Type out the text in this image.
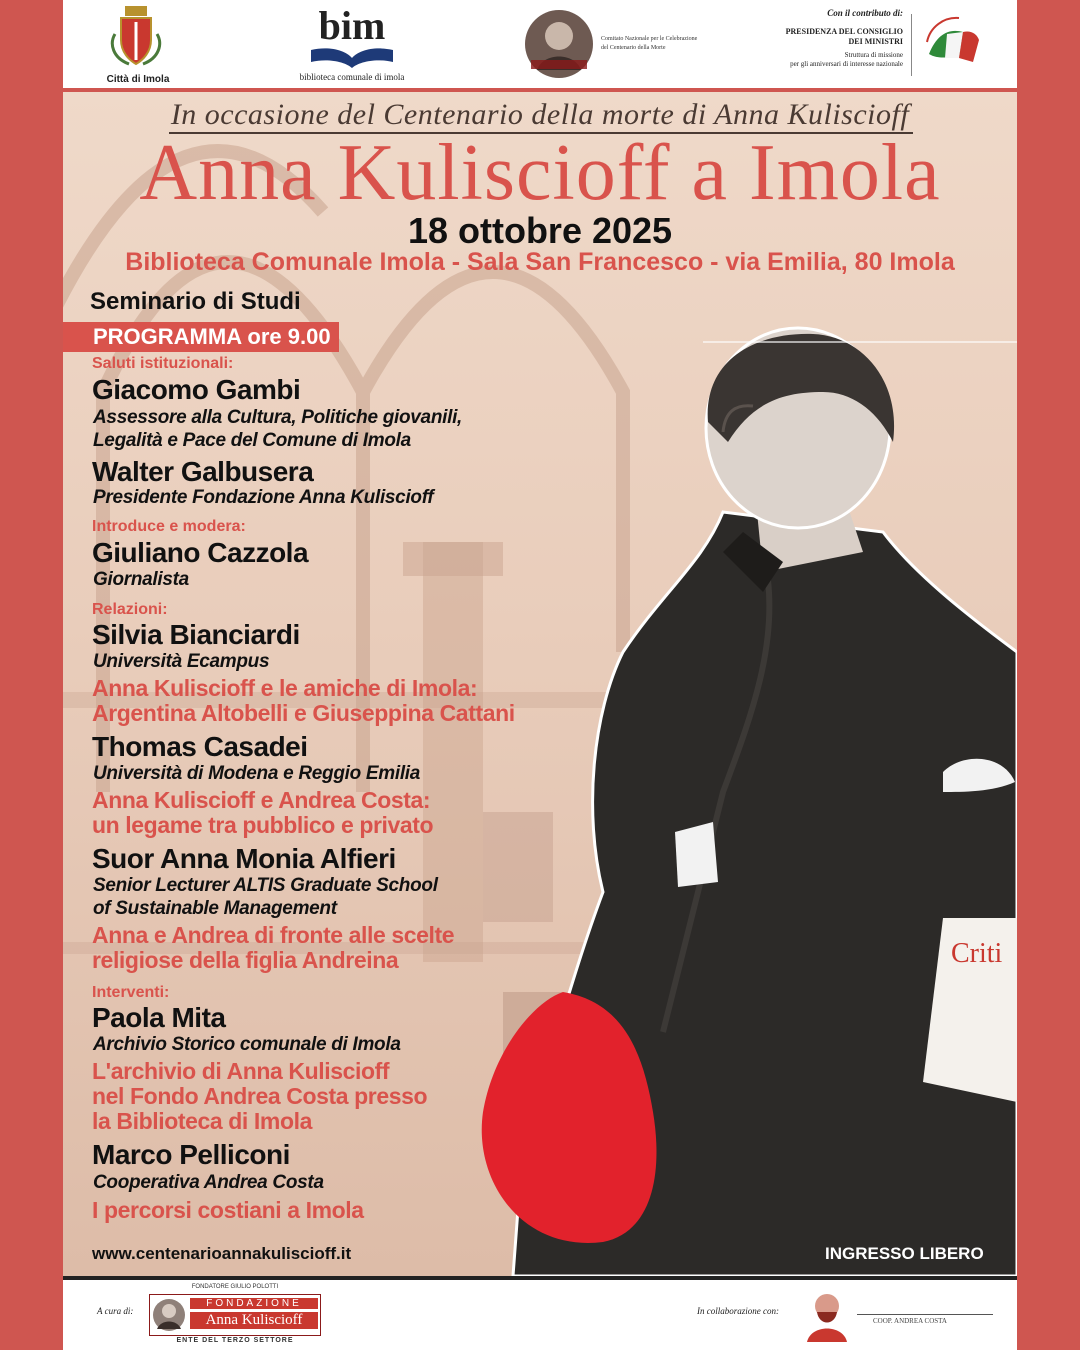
Città di Imola
bim
biblioteca comunale di imola
Comitato Nazionale per le Celebrazione
del Centenario della Morte
Con il contributo di:
PRESIDENZA DEL CONSIGLIO
DEI MINISTRI
Struttura di missione
per gli anniversari di interesse nazionale
Criti
In occasione del Centenario della morte di Anna Kuliscioff
Anna Kuliscioff a Imola
18 ottobre 2025
Biblioteca Comunale Imola - Sala San Francesco - via Emilia, 80 Imola
Seminario di Studi
PROGRAMMA ore 9.00
Saluti istituzionali:
Giacomo Gambi
Assessore alla Cultura, Politiche giovanili,
Legalità e Pace del Comune di Imola
Walter Galbusera
Presidente Fondazione Anna Kuliscioff
Introduce e modera:
Giuliano Cazzola
Giornalista
Relazioni:
Silvia Bianciardi
Università Ecampus
Anna Kuliscioff e le amiche di Imola:
Argentina Altobelli e Giuseppina Cattani
Thomas Casadei
Università di Modena e Reggio Emilia
Anna Kuliscioff e Andrea Costa:
un legame tra pubblico e privato
Suor Anna Monia Alfieri
Senior Lecturer ALTIS Graduate School
of Sustainable Management
Anna e Andrea di fronte alle scelte
religiose della figlia Andreina
Interventi:
Paola Mita
Archivio Storico comunale di Imola
L'archivio di Anna Kuliscioff
nel Fondo Andrea Costa presso
la Biblioteca di Imola
Marco Pelliconi
Cooperativa Andrea Costa
I percorsi costiani a Imola
www.centenarioannakuliscioff.it	INGRESSO LIBERO
A cura di:
FONDATORE GIULIO POLOTTI
FONDAZIONE
Anna Kuliscioff
ENTE DEL TERZO SETTORE
In collaborazione con:
COOP. ANDREA COSTA
